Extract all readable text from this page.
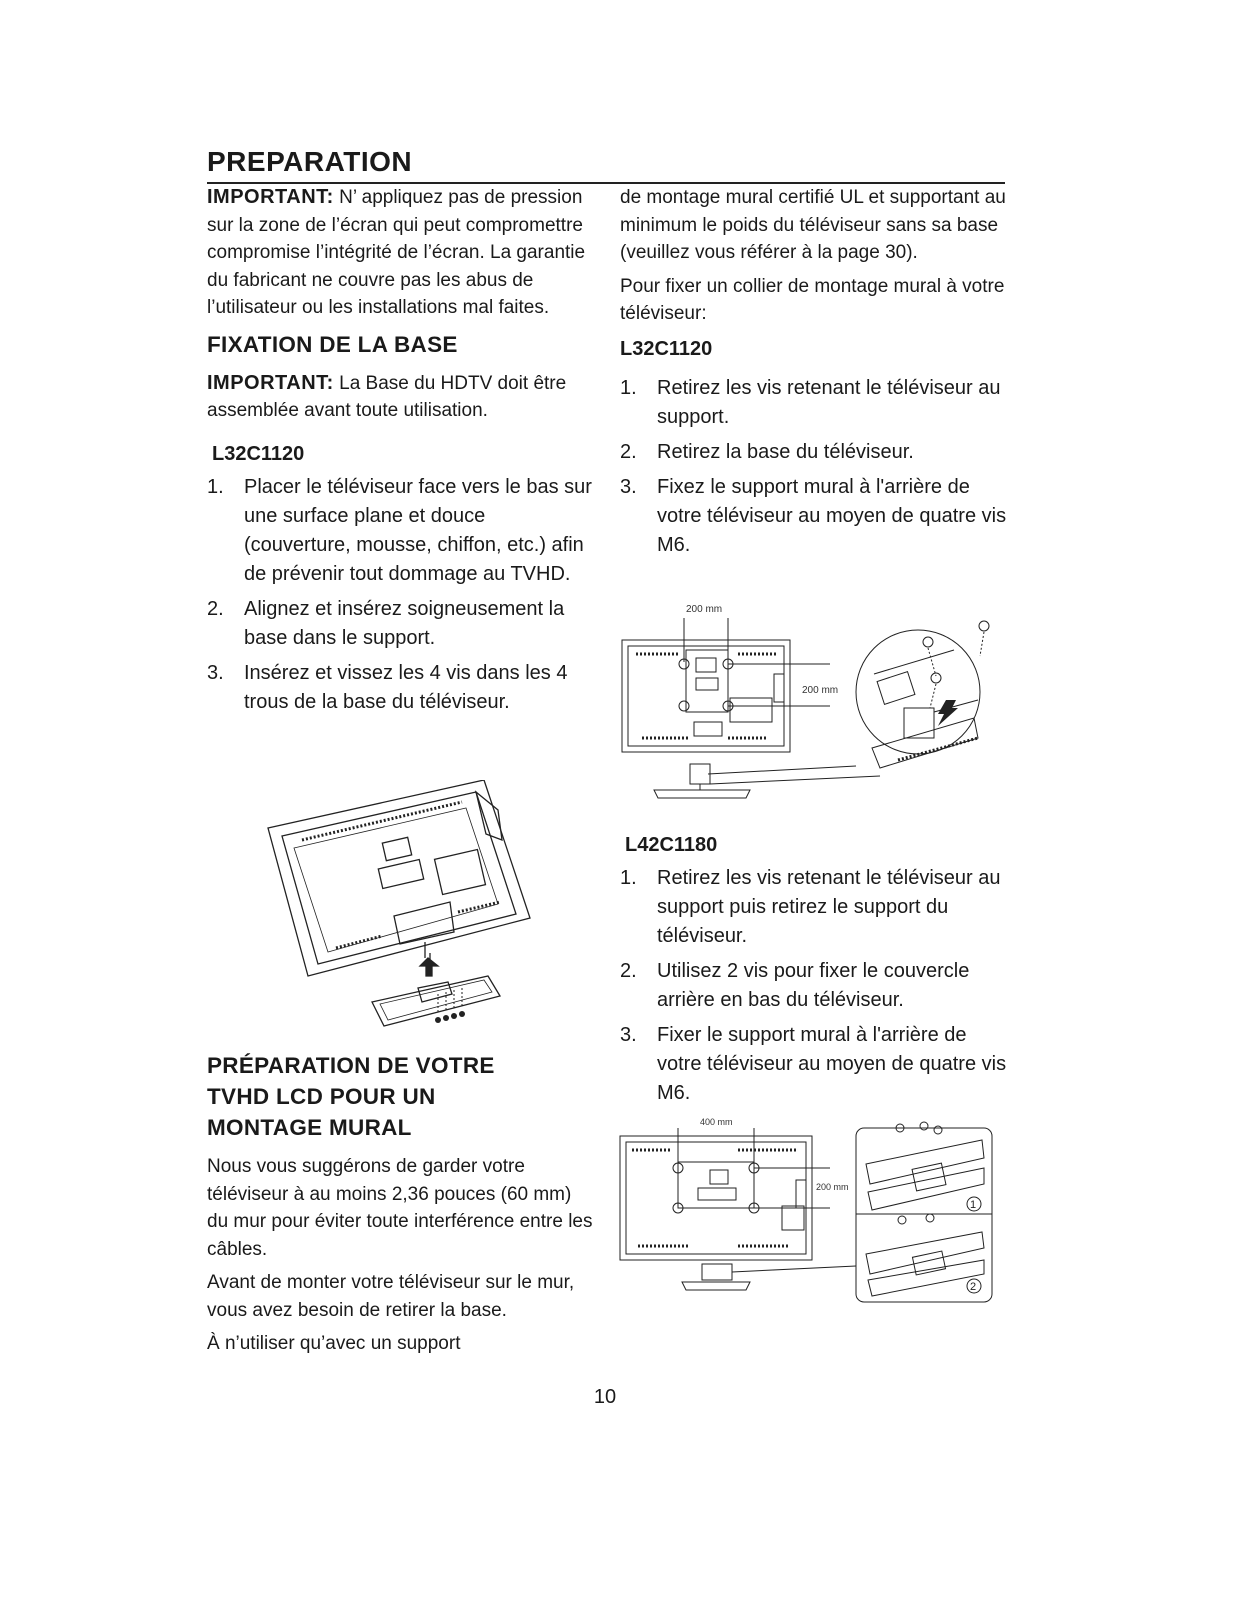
PREPARATION

IMPORTANT: N’ appliquez pas de pression sur la zone de l’écran qui peut compromettre compromise l’intégrité de l’écran. La garantie du fabricant ne couvre pas les abus de l’utilisateur ou les installations mal faites.

FIXATION DE LA BASE

IMPORTANT: La Base du HDTV doit être assemblée avant toute utilisation.

L32C1120
1. Placer le téléviseur face vers le bas sur une surface plane et douce (couverture, mousse, chiffon, etc.) afin de prévenir tout dommage au TVHD.
2. Alignez et insérez soigneusement la base dans le support.
3. Insérez et vissez les 4 vis dans les 4 trous de la base du téléviseur.
PRÉPARATION DE VOTRE TVHD LCD POUR UN MONTAGE MURAL

Nous vous suggérons de garder votre téléviseur à au moins 2,36 pouces (60 mm) du mur pour éviter toute interférence entre les câbles.

Avant de monter votre téléviseur sur le mur, vous avez besoin de retirer la base.

À n’utiliser qu’avec un support

de montage mural certifié UL et supportant au minimum le poids du téléviseur sans sa base (veuillez vous référer à la page 30).

Pour fixer un collier de montage mural à votre téléviseur:

L32C1120
1. Retirez les vis retenant le téléviseur au support.
2. Retirez la base du téléviseur.
3. Fixez le support mural à l'arrière de votre téléviseur au moyen de quatre vis M6.
200 mm
200 mm
L42C1180
1. Retirez les vis retenant le téléviseur au support puis retirez le support du téléviseur.
2. Utilisez 2 vis pour fixer le couvercle arrière en bas du téléviseur.
3. Fixer le support mural à l'arrière de votre téléviseur au moyen de quatre vis M6.
400 mm
200 mm
1
2
10
